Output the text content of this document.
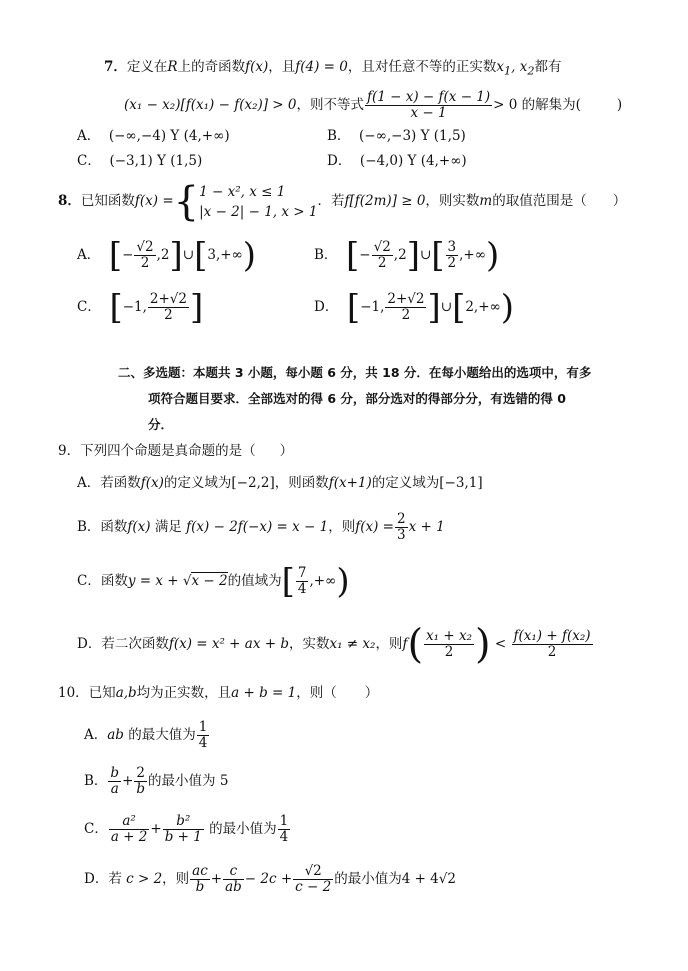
7．定义在R上的奇函数f(x)，且f(4) = 0，且对任意不等的正实数$x_1$, $x_2$都有
(x₁ − x₂)[f(x₁) − f(x₂)] > 0，则不等式 $\frac{f(1 - x) - f(x - 1)}{x - 1} > 0$ 的解集为(	)
A． (−∞,−4) Y (4,+∞)	B． (−∞,−3) Y (1,5)
C． (−3,1) Y (1,5)	D． (−4,0) Y (4,+∞)
8．已知函数f(x) ={ 1 − x², x ≤ 1
|x − 2| − 1, x > 1
．若f[f(2m)] ≥ 0，则实数m的取值范围是（ ）
A． [− $\frac{√2}{2}$ ,2]∪[3,+∞)	B． [− $\frac{√2}{2}$ ,2]∪[ $\frac{3}{2}$ ,+∞)
C． [−1, $\frac{2+√2}{2}$ ]	D． [−1, $\frac{2+√2}{2}$ ]∪[2,+∞)
二、多选题：本题共 3 小题，每小题 6 分，共 18 分．在每小题给出的选项中，有多
项符合题目要求．全部选对的得 6 分，部分选对的得部分分，有选错的得 0
分．
9．下列四个命题是真命题的是（ ）
A．若函数f(x)的定义域为[−2,2]，则函数f(x+1)的定义域为[−3,1]
B．函数f(x) 满足 f(x) − 2f(−x) = x − 1，则$f(x) = \frac{2}{3}$ x + 1
C．函数y = x + √x − 2的值域为[ $\frac{7}{4}$ ,+∞)
D．若二次函数f(x) = x² + ax + b，实数x₁ ≠ x₂，则$f( \frac{\text{x₁ + x₂}}{2}$ ) < $\frac{\text{f(x₁) + f(x₂)}}{2}$
10．已知a,b均为正实数，且a + b = 1，则（ ）
A．ab 的最大值为 $\frac{1}{4}$
B． $\frac{b}{a} + \frac{2}{b}$ 的最小值为 5
C． $\frac{\text{a²}}{a + 2} + \frac{\text{b²}}{b + 1}$ 的最小值为 $\frac{1}{4}$
D．若 c > 2，则 $\frac{ac}{b} + \frac{c}{ab} - 2c + \frac{√2}{c - 2}$ 的最小值为4 + 4√2
